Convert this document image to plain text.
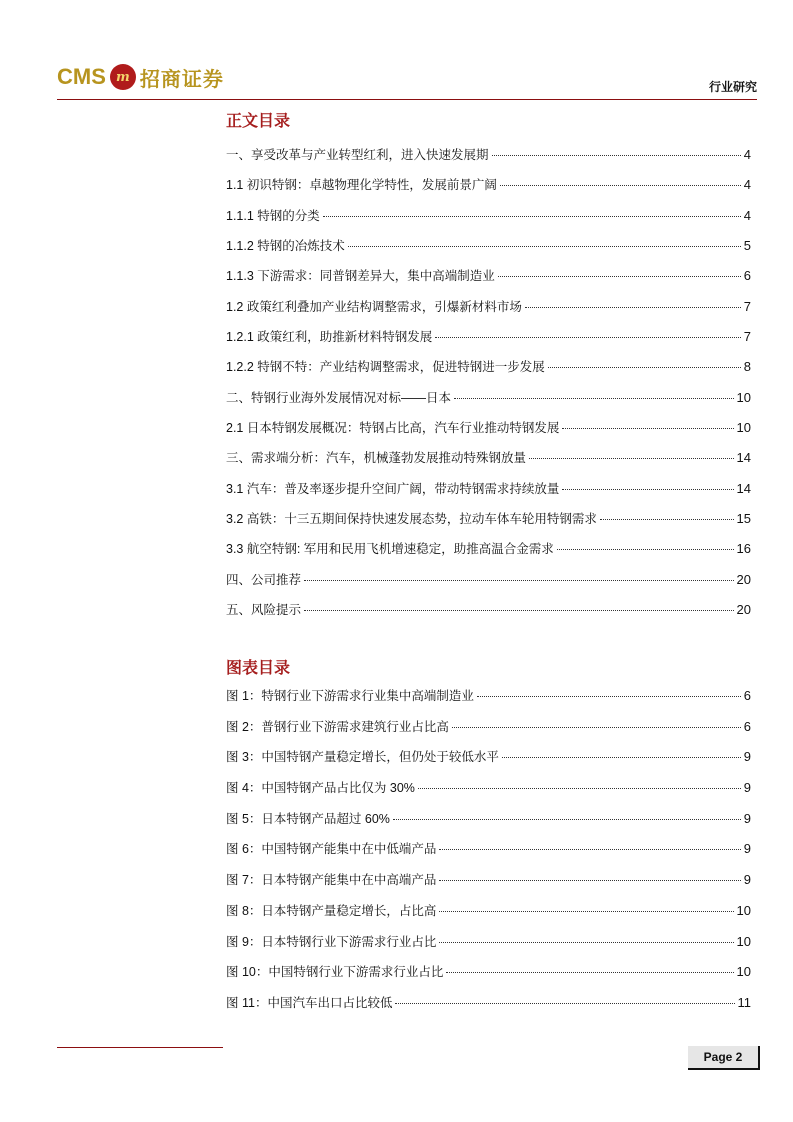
CMS m 招商证券	行业研究
正文目录
一、享受改革与产业转型红利，进入快速发展期	4
1.1 初识特钢：卓越物理化学特性，发展前景广阔	4
1.1.1 特钢的分类	4
1.1.2 特钢的冶炼技术	5
1.1.3 下游需求：同普钢差异大，集中高端制造业	6
1.2 政策红利叠加产业结构调整需求，引爆新材料市场	7
1.2.1 政策红利，助推新材料特钢发展	7
1.2.2 特钢不特：产业结构调整需求，促进特钢进一步发展	8
二、特钢行业海外发展情况对标——日本	10
2.1 日本特钢发展概况：特钢占比高，汽车行业推动特钢发展	10
三、需求端分析：汽车，机械蓬勃发展推动特殊钢放量	14
3.1 汽车：普及率逐步提升空间广阔，带动特钢需求持续放量	14
3.2 高铁：十三五期间保持快速发展态势，拉动车体车轮用特钢需求	15
3.3 航空特钢: 军用和民用飞机增速稳定，助推高温合金需求	16
四、公司推荐	20
五、风险提示	20
图表目录
图 1：特钢行业下游需求行业集中高端制造业	6
图 2：普钢行业下游需求建筑行业占比高	6
图 3：中国特钢产量稳定增长，但仍处于较低水平	9
图 4：中国特钢产品占比仅为 30%	9
图 5：日本特钢产品超过 60%	9
图 6：中国特钢产能集中在中低端产品	9
图 7：日本特钢产能集中在中高端产品	9
图 8：日本特钢产量稳定增长，占比高	10
图 9：日本特钢行业下游需求行业占比	10
图 10：中国特钢行业下游需求行业占比	10
图 11：中国汽车出口占比较低	11
Page 2
